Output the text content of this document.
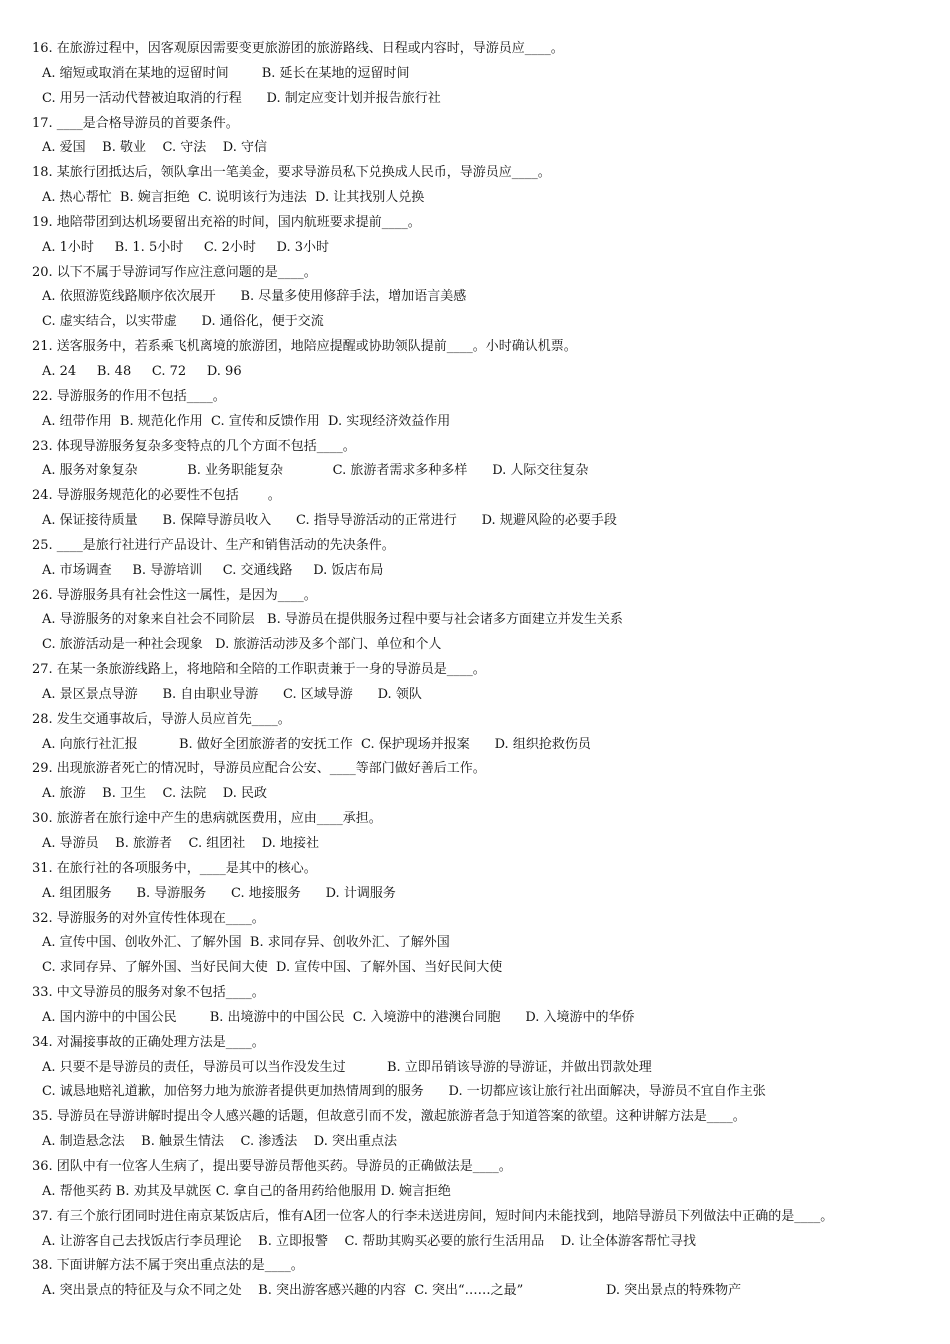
16. 在旅游过程中，因客观原因需要变更旅游团的旅游路线、日程或内容时，导游员应____。
A. 缩短或取消在某地的逗留时间        B. 延长在某地的逗留时间
C. 用另一活动代替被迫取消的行程      D. 制定应变计划并报告旅行社
17. ____是合格导游员的首要条件。
A. 爱国    B. 敬业    C. 守法    D. 守信
18. 某旅行团抵达后，领队拿出一笔美金，要求导游员私下兑换成人民币，导游员应____。
A. 热心帮忙  B. 婉言拒绝  C. 说明该行为违法  D. 让其找别人兑换
19. 地陪带团到达机场要留出充裕的时间，国内航班要求提前____。
A. 1小时     B. 1. 5小时     C. 2小时     D. 3小时
20. 以下不属于导游词写作应注意问题的是____。
A. 依照游览线路顺序依次展开      B. 尽量多使用修辞手法，增加语言美感
C. 虚实结合，以实带虚      D. 通俗化，便于交流
21. 送客服务中，若系乘飞机离境的旅游团，地陪应提醒或协助领队提前____。小时确认机票。
A. 24     B. 48     C. 72     D. 96
22. 导游服务的作用不包括____。
A. 纽带作用  B. 规范化作用  C. 宣传和反馈作用  D. 实现经济效益作用
23. 体现导游服务复杂多变特点的几个方面不包括____。
A. 服务对象复杂            B. 业务职能复杂            C. 旅游者需求多种多样      D. 人际交往复杂
24. 导游服务规范化的必要性不包括       。
A. 保证接待质量      B. 保障导游员收入      C. 指导导游活动的正常进行      D. 规避风险的必要手段
25. ____是旅行社进行产品设计、生产和销售活动的先决条件。
A. 市场调查     B. 导游培训     C. 交通线路     D. 饭店布局
26. 导游服务具有社会性这一属性，是因为____。
A. 导游服务的对象来自社会不同阶层   B. 导游员在提供服务过程中要与社会诸多方面建立并发生关系
C. 旅游活动是一种社会现象   D. 旅游活动涉及多个部门、单位和个人
27. 在某一条旅游线路上，将地陪和全陪的工作职责兼于一身的导游员是____。
A. 景区景点导游      B. 自由职业导游      C. 区域导游      D. 领队
28. 发生交通事故后，导游人员应首先____。
A. 向旅行社汇报          B. 做好全团旅游者的安抚工作  C. 保护现场并报案      D. 组织抢救伤员
29. 出现旅游者死亡的情况时，导游员应配合公安、____等部门做好善后工作。
A. 旅游    B. 卫生    C. 法院    D. 民政
30. 旅游者在旅行途中产生的患病就医费用，应由____承担。
A. 导游员    B. 旅游者    C. 组团社    D. 地接社
31. 在旅行社的各项服务中，____是其中的核心。
A. 组团服务      B. 导游服务      C. 地接服务      D. 计调服务
32. 导游服务的对外宣传性体现在____。
A. 宣传中国、创收外汇、了解外国  B. 求同存异、创收外汇、了解外国
C. 求同存异、了解外国、当好民间大使  D. 宣传中国、了解外国、当好民间大使
33. 中文导游员的服务对象不包括____。
A. 国内游中的中国公民        B. 出境游中的中国公民  C. 入境游中的港澳台同胞      D. 入境游中的华侨
34. 对漏接事故的正确处理方法是____。
A. 只要不是导游员的责任，导游员可以当作没发生过          B. 立即吊销该导游的导游证，并做出罚款处理
C. 诚恳地赔礼道歉，加倍努力地为旅游者提供更加热情周到的服务      D. 一切都应该让旅行社出面解决，导游员不宜自作主张
35. 导游员在导游讲解时提出令人感兴趣的话题，但故意引而不发，激起旅游者急于知道答案的欲望。这种讲解方法是____。
A. 制造悬念法    B. 触景生情法    C. 渗透法    D. 突出重点法
36. 团队中有一位客人生病了，提出要导游员帮他买药。导游员的正确做法是____。
A. 帮他买药 B. 劝其及早就医 C. 拿自己的备用药给他服用 D. 婉言拒绝
37. 有三个旅行团同时进住南京某饭店后，惟有A团一位客人的行李未送进房间，短时间内未能找到，地陪导游员下列做法中正确的是____。
A. 让游客自己去找饭店行李员理论    B. 立即报警    C. 帮助其购买必要的旅行生活用品    D. 让全体游客帮忙寻找
38. 下面讲解方法不属于突出重点法的是____。
A. 突出景点的特征及与众不同之处    B. 突出游客感兴趣的内容  C. 突出“……之最”                    D. 突出景点的特殊物产
